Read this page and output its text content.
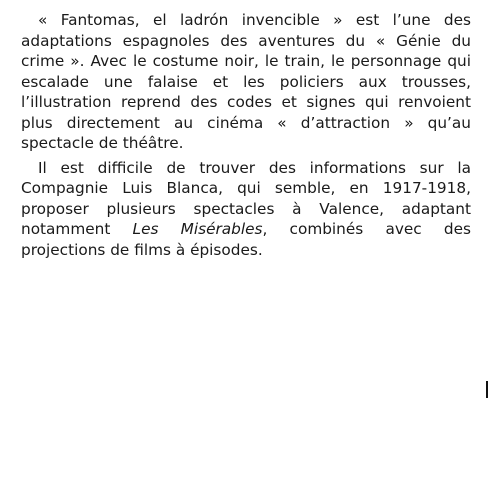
« Fantomas, el ladrón invencible » est l’une des adaptations espagnoles des aventures du « Génie du crime ». Avec le costume noir, le train, le personnage qui escalade une falaise et les policiers aux trousses, l’illustration reprend des codes et signes qui renvoient plus directement au cinéma « d’attraction » qu’au spectacle de théâtre.

Il est difficile de trouver des informations sur la Compagnie Luis Blanca, qui semble, en 1917-1918, proposer plusieurs spectacles à Valence, adaptant notamment Les Misérables, combinés avec des projections de films à épisodes.
